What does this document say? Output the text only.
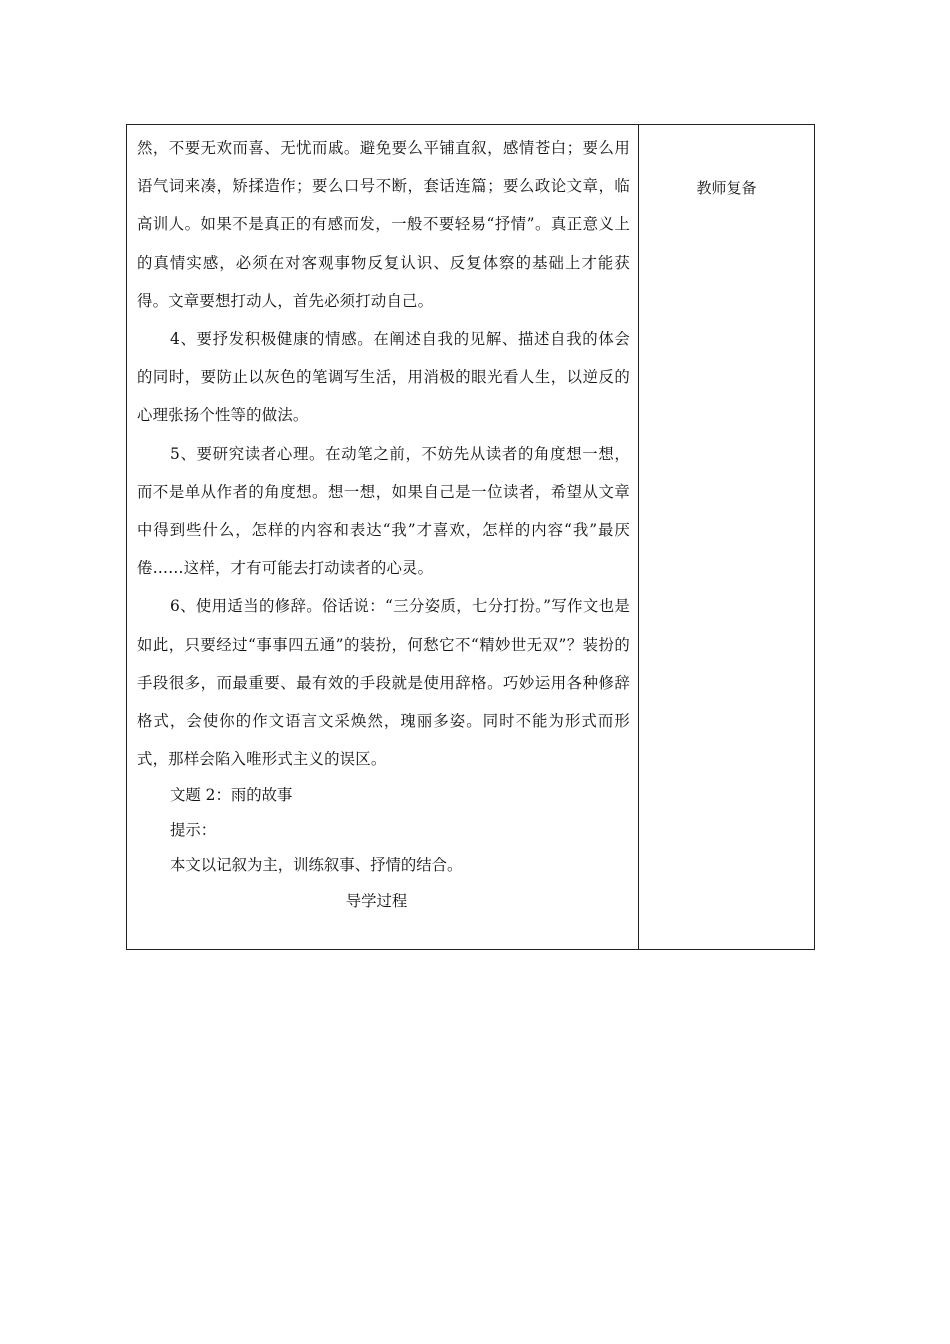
然，不要无欢而喜、无忧而戚。避免要么平铺直叙，感情苍白；要么用语气词来凑，矫揉造作；要么口号不断，套话连篇；要么政论文章，临高训人。如果不是真正的有感而发，一般不要轻易“抒情”。真正意义上的真情实感，必须在对客观事物反复认识、反复体察的基础上才能获得。文章要想打动人，首先必须打动自己。

4、要抒发积极健康的情感。在阐述自我的见解、描述自我的体会的同时，要防止以灰色的笔调写生活，用消极的眼光看人生，以逆反的心理张扬个性等的做法。

5、要研究读者心理。在动笔之前，不妨先从读者的角度想一想，而不是单从作者的角度想。想一想，如果自己是一位读者，希望从文章中得到些什么，怎样的内容和表达“我”才喜欢，怎样的内容“我”最厌倦……这样，才有可能去打动读者的心灵。

6、使用适当的修辞。俗话说：“三分姿质，七分打扮。”写作文也是如此，只要经过“事事四五通”的装扮，何愁它不“精妙世无双”？装扮的手段很多，而最重要、最有效的手段就是使用辞格。巧妙运用各种修辞格式，会使你的作文语言文采焕然，瑰丽多姿。同时不能为形式而形式，那样会陷入唯形式主义的误区。

文题 2：雨的故事

提示：

本文以记叙为主，训练叙事、抒情的结合。

导学过程

教师复备
